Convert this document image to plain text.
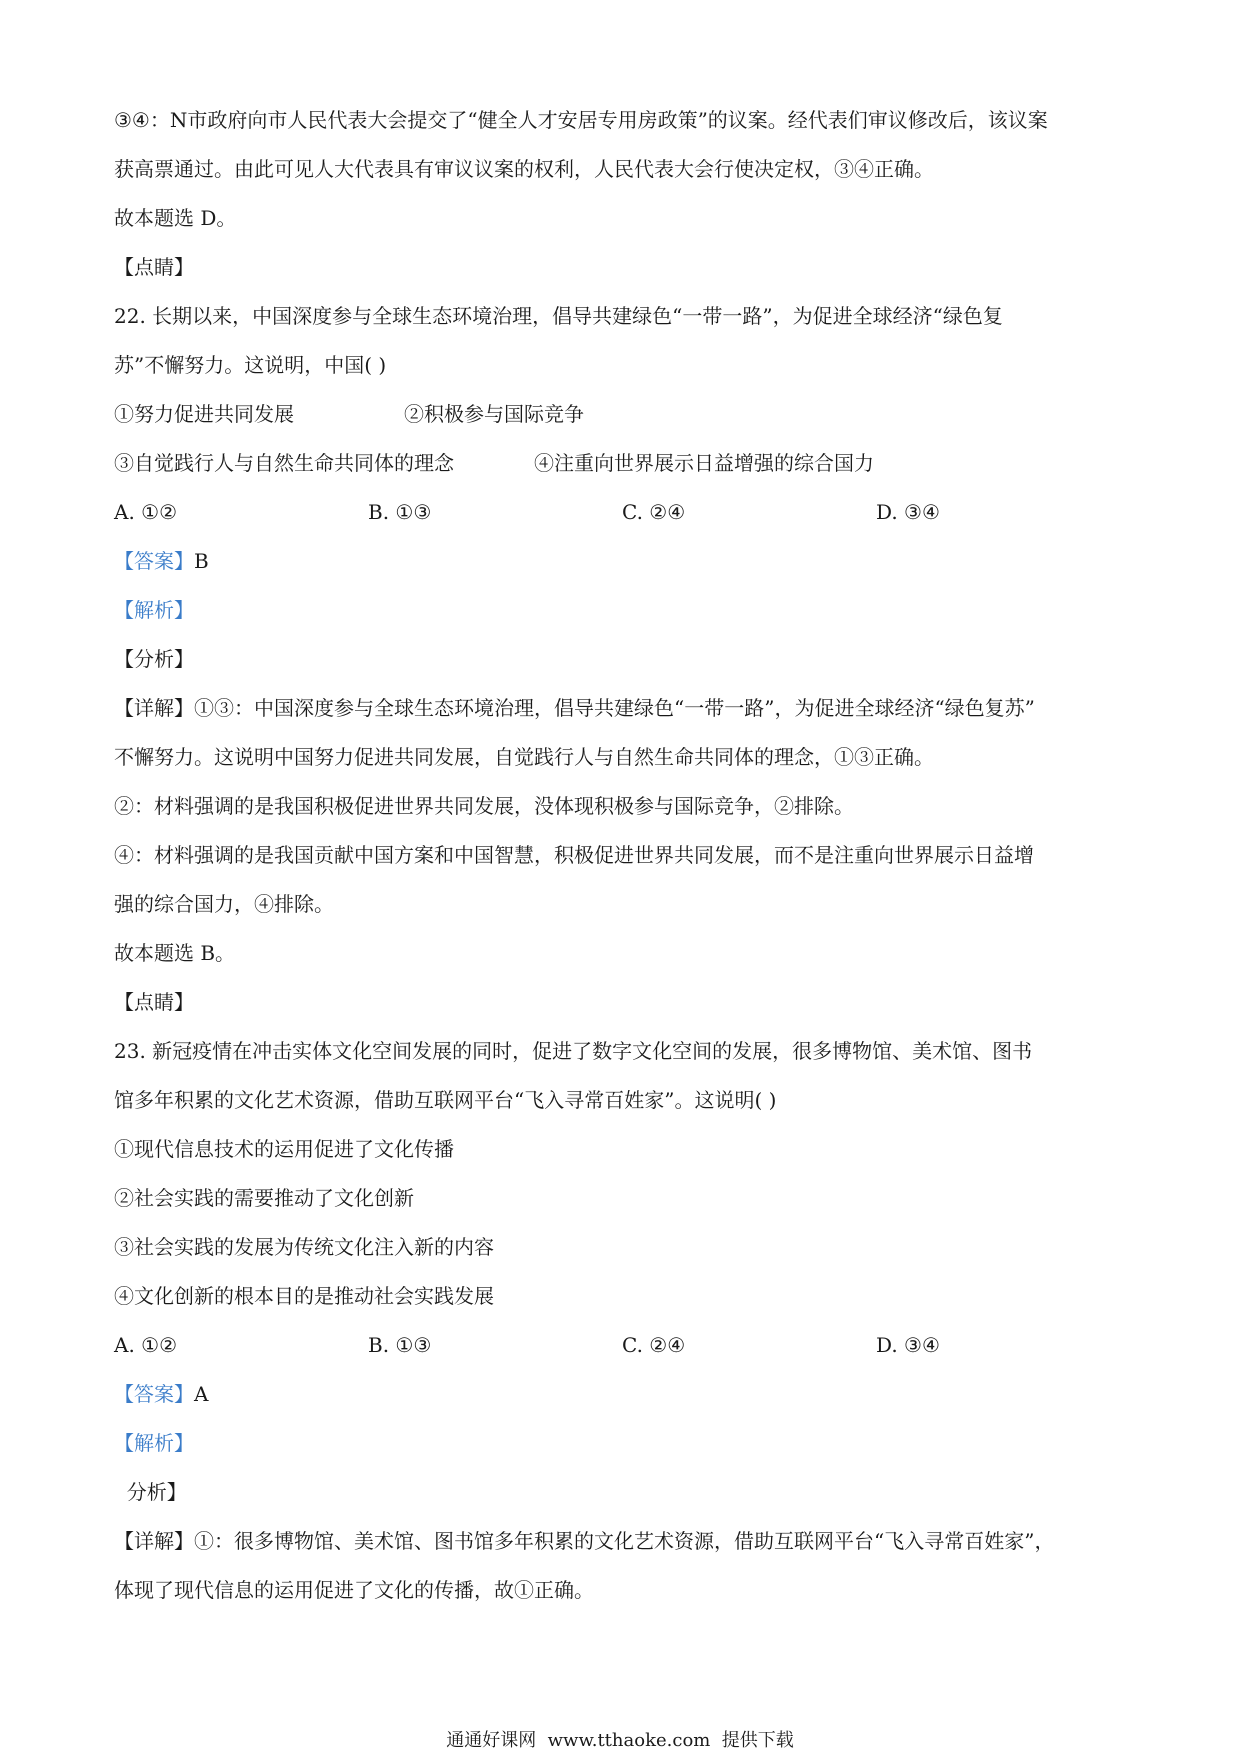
③④：N市政府向市人民代表大会提交了“健全人才安居专用房政策”的议案。经代表们审议修改后，该议案
获高票通过。由此可见人大代表具有审议议案的权利，人民代表大会行使决定权，③④正确。
故本题选 D。
【点睛】
22. 长期以来，中国深度参与全球生态环境治理，倡导共建绿色“一带一路”，为促进全球经济“绿色复
苏”不懈努力。这说明，中国( )
①努力促进共同发展	②积极参与国际竞争
③自觉践行人与自然生命共同体的理念	④注重向世界展示日益增强的综合国力
A. ①②	B. ①③	C. ②④	D. ③④
【答案】B
【解析】
【分析】
【详解】①③：中国深度参与全球生态环境治理，倡导共建绿色“一带一路”，为促进全球经济“绿色复苏”
不懈努力。这说明中国努力促进共同发展，自觉践行人与自然生命共同体的理念，①③正确。
②：材料强调的是我国积极促进世界共同发展，没体现积极参与国际竞争，②排除。
④：材料强调的是我国贡献中国方案和中国智慧，积极促进世界共同发展，而不是注重向世界展示日益增
强的综合国力，④排除。
故本题选 B。
【点睛】
23. 新冠疫情在冲击实体文化空间发展的同时，促进了数字文化空间的发展，很多博物馆、美术馆、图书
馆多年积累的文化艺术资源，借助互联网平台“飞入寻常百姓家”。这说明( )
①现代信息技术的运用促进了文化传播
②社会实践的需要推动了文化创新
③社会实践的发展为传统文化注入新的内容
④文化创新的根本目的是推动社会实践发展
A. ①②	B. ①③	C. ②④	D. ③④
【答案】A
【解析】
分析】
【详解】①：很多博物馆、美术馆、图书馆多年积累的文化艺术资源，借助互联网平台“飞入寻常百姓家”，
体现了现代信息的运用促进了文化的传播，故①正确。
通通好课网  www.tthaoke.com  提供下载
